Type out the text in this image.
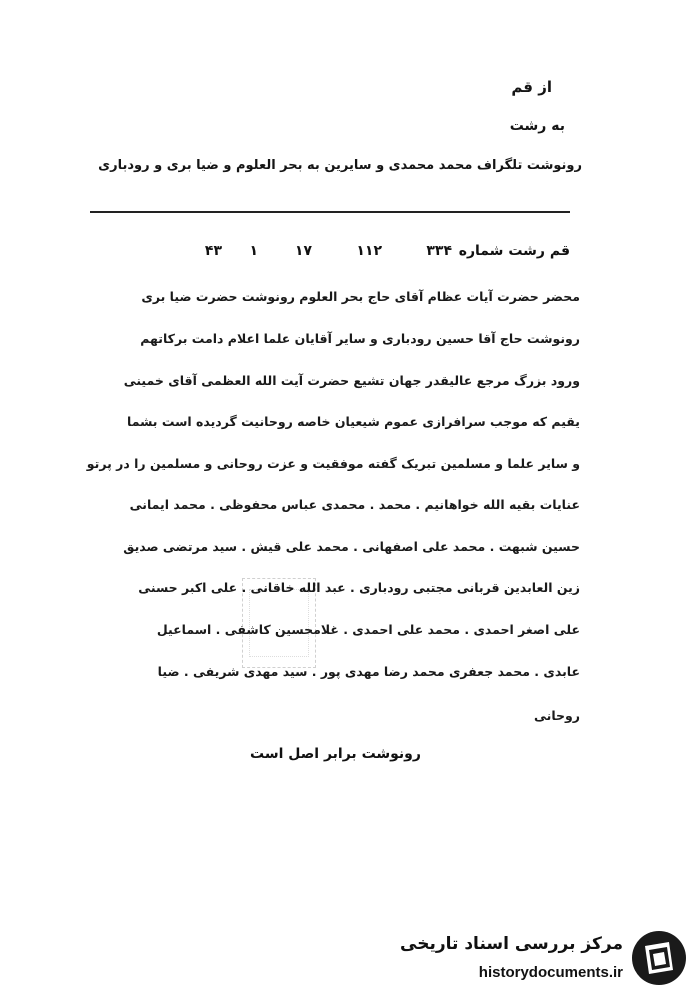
از قم
به رشت
رونوشت تلگراف محمد محمدی و سایرین به بحر العلوم و ضیا بری و رودباری
قم رشت شماره
۳۳۴
۱۱۲
۱۷
۱
۴۳
محضر حضرت آیات عظام آقای حاج بحر العلوم رونوشت حضرت ضیا بری
رونوشت حاج آقا حسین رودباری و سایر آقایان علما اعلام دامت برکاتهم
ورود بزرگ مرجع عالیقدر جهان تشیع حضرت آیت الله العظمی آقای خمینی
یقیم که موجب سرافرازی عموم شیعیان خاصه روحانیت گردیده است بشما
و سایر علما و مسلمین تبریک گفته موفقیت و عزت روحانی و مسلمین را در پرتو
عنایات بقیه الله خواهانیم . محمد . محمدی عباس محفوظی . محمد ایمانی
حسین شبهت . محمد علی اصفهانی . محمد علی قیش . سید مرتضی صدیق
زین العابدین قربانی مجتبی رودباری . عبد الله خاقانی . علی اکبر حسنی
علی اصغر احمدی . محمد علی احمدی . غلامحسین کاشفی . اسماعیل
عابدی . محمد جعفری محمد رضا مهدی پور . سید مهدی شریفی . ضیا
روحانی
رونوشت برابر اصل است
مرکز بررسی اسناد تاریخی
historydocuments.ir
